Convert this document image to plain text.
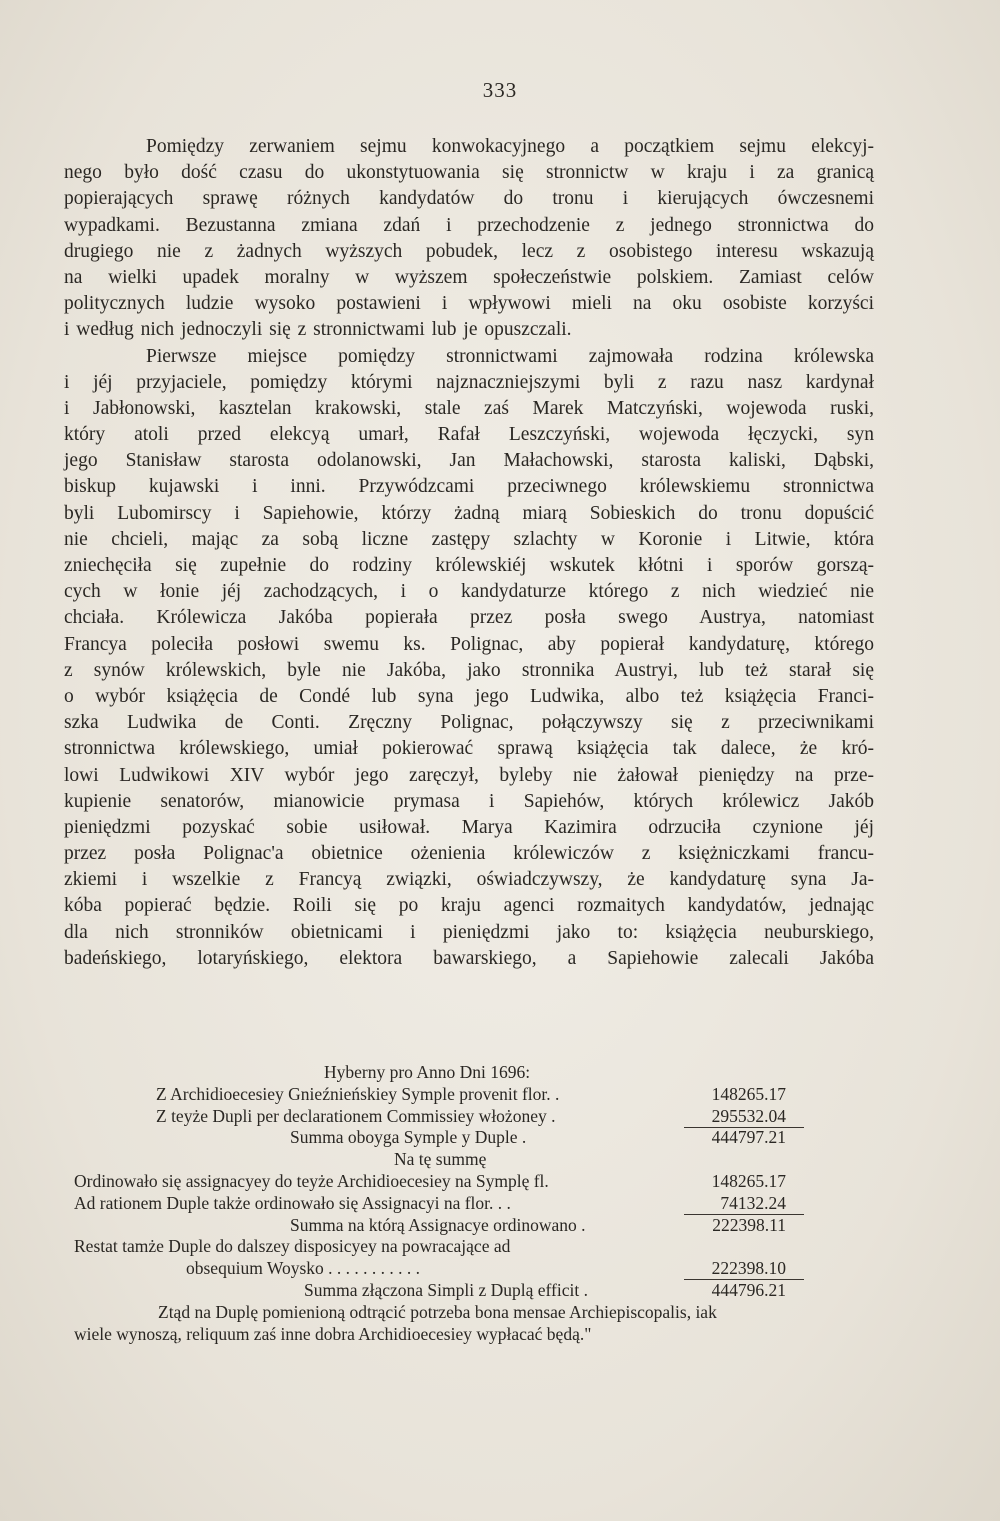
333
Pomiędzy zerwaniem sejmu konwokacyjnego a początkiem sejmu elekcyj-
nego było dość czasu do ukonstytuowania się stronnictw w kraju i za granicą
popierających sprawę różnych kandydatów do tronu i kierujących ówczesnemi
wypadkami. Bezustanna zmiana zdań i przechodzenie z jednego stronnictwa do
drugiego nie z żadnych wyższych pobudek, lecz z osobistego interesu wskazują
na wielki upadek moralny w wyższem społeczeństwie polskiem. Zamiast celów
politycznych ludzie wysoko postawieni i wpływowi mieli na oku osobiste korzyści
i według nich jednoczyli się z stronnictwami lub je opuszczali.
Pierwsze miejsce pomiędzy stronnictwami zajmowała rodzina królewska
i jéj przyjaciele, pomiędzy którymi najznaczniejszymi byli z razu nasz kardynał
i Jabłonowski, kasztelan krakowski, stale zaś Marek Matczyński, wojewoda ruski,
który atoli przed elekcyą umarł, Rafał Leszczyński, wojewoda łęczycki, syn
jego Stanisław starosta odolanowski, Jan Małachowski, starosta kaliski, Dąbski,
biskup kujawski i inni. Przywódzcami przeciwnego królewskiemu stronnictwa
byli Lubomirscy i Sapiehowie, którzy żadną miarą Sobieskich do tronu dopuścić
nie chcieli, mając za sobą liczne zastępy szlachty w Koronie i Litwie, która
zniechęciła się zupełnie do rodziny królewskiéj wskutek kłótni i sporów gorszą-
cych w łonie jéj zachodzących, i o kandydaturze którego z nich wiedzieć nie
chciała. Królewicza Jakóba popierała przez posła swego Austrya, natomiast
Francya poleciła posłowi swemu ks. Polignac, aby popierał kandydaturę, którego
z synów królewskich, byle nie Jakóba, jako stronnika Austryi, lub też starał się
o wybór książęcia de Condé lub syna jego Ludwika, albo też książęcia Franci-
szka Ludwika de Conti. Zręczny Polignac, połączywszy się z przeciwnikami
stronnictwa królewskiego, umiał pokierować sprawą książęcia tak dalece, że kró-
lowi Ludwikowi XIV wybór jego zaręczył, byleby nie żałował pieniędzy na prze-
kupienie senatorów, mianowicie prymasa i Sapiehów, których królewicz Jakób
pieniędzmi pozyskać sobie usiłował. Marya Kazimira odrzuciła czynione jéj
przez posła Polignac'a obietnice ożenienia królewiczów z księżniczkami francu-
zkiemi i wszelkie z Francyą związki, oświadczywszy, że kandydaturę syna Ja-
kóba popierać będzie. Roili się po kraju agenci rozmaitych kandydatów, jednając
dla nich stronników obietnicami i pieniędzmi jako to: książęcia neuburskiego,
badeńskiego, lotaryńskiego, elektora bawarskiego, a Sapiehowie zalecali Jakóba
Hyberny pro Anno Dni 1696:
Z Archidioecesiey Gnieźnieńskiey Symple provenit flor. .	148265.17
Z teyże Dupli per declarationem Commissiey włożoney .	295532.04
Summa oboyga Symple y Duple .	444797.21
Na tę summę
Ordinowało się assignacyey do teyże Archidioecesiey na Symplę fl.	148265.17
Ad rationem Duple także ordinowało się Assignacyi na flor. . .	74132.24
Summa na którą Assignacye ordinowano .	222398.11
Restat tamże Duple do dalszey disposicyey na powracające ad
obsequium Woysko . . . . . . . . . . .	222398.10
Summa złączona Simpli z Duplą efficit .	444796.21
Ztąd na Duplę pomienioną odtrącić potrzeba bona mensae Archiepiscopalis, iak
wiele wynoszą, reliquum zaś inne dobra Archidioecesiey wypłacać będą."
